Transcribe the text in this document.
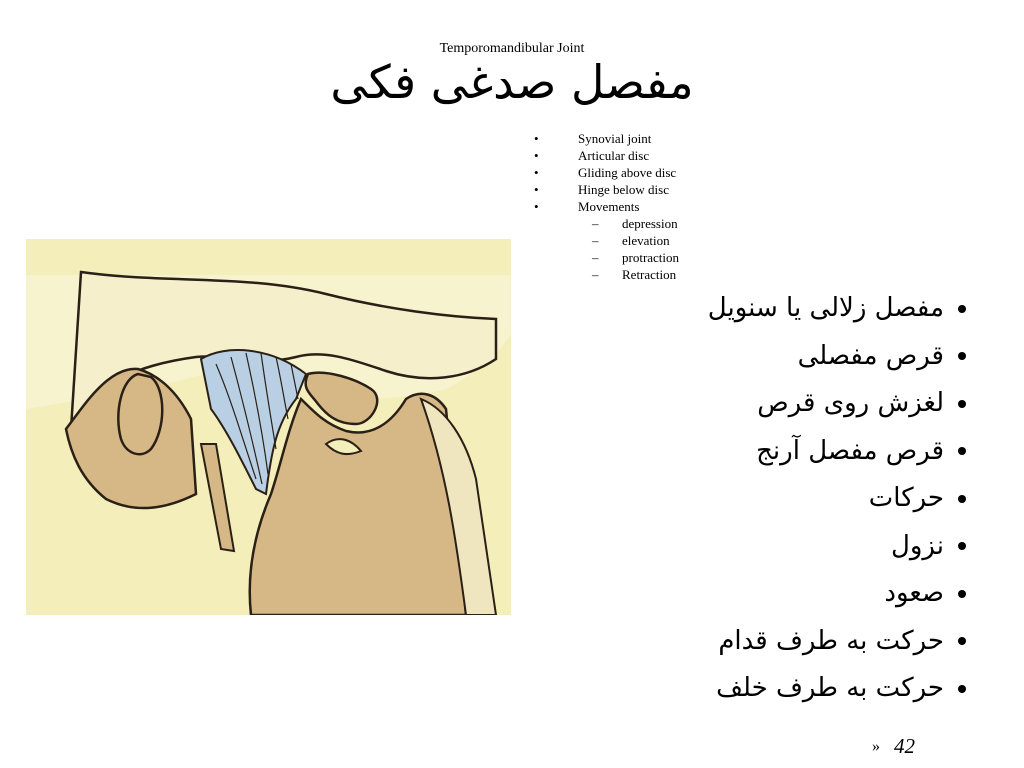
Temporomandibular Joint
مفصل صدغی فکی
•	Synovial joint
•	Articular disc
•	Gliding above disc
•	Hinge below disc
•	Movements
– depression
– elevation
– protraction
– Retraction
مفصل زلالی یا سنویل
قرص مفصلی
لغزش روی قرص
قرص مفصل آرنج
حرکات
نزول
صعود
حرکت به طرف قدام
حرکت به طرف خلف
» 42
